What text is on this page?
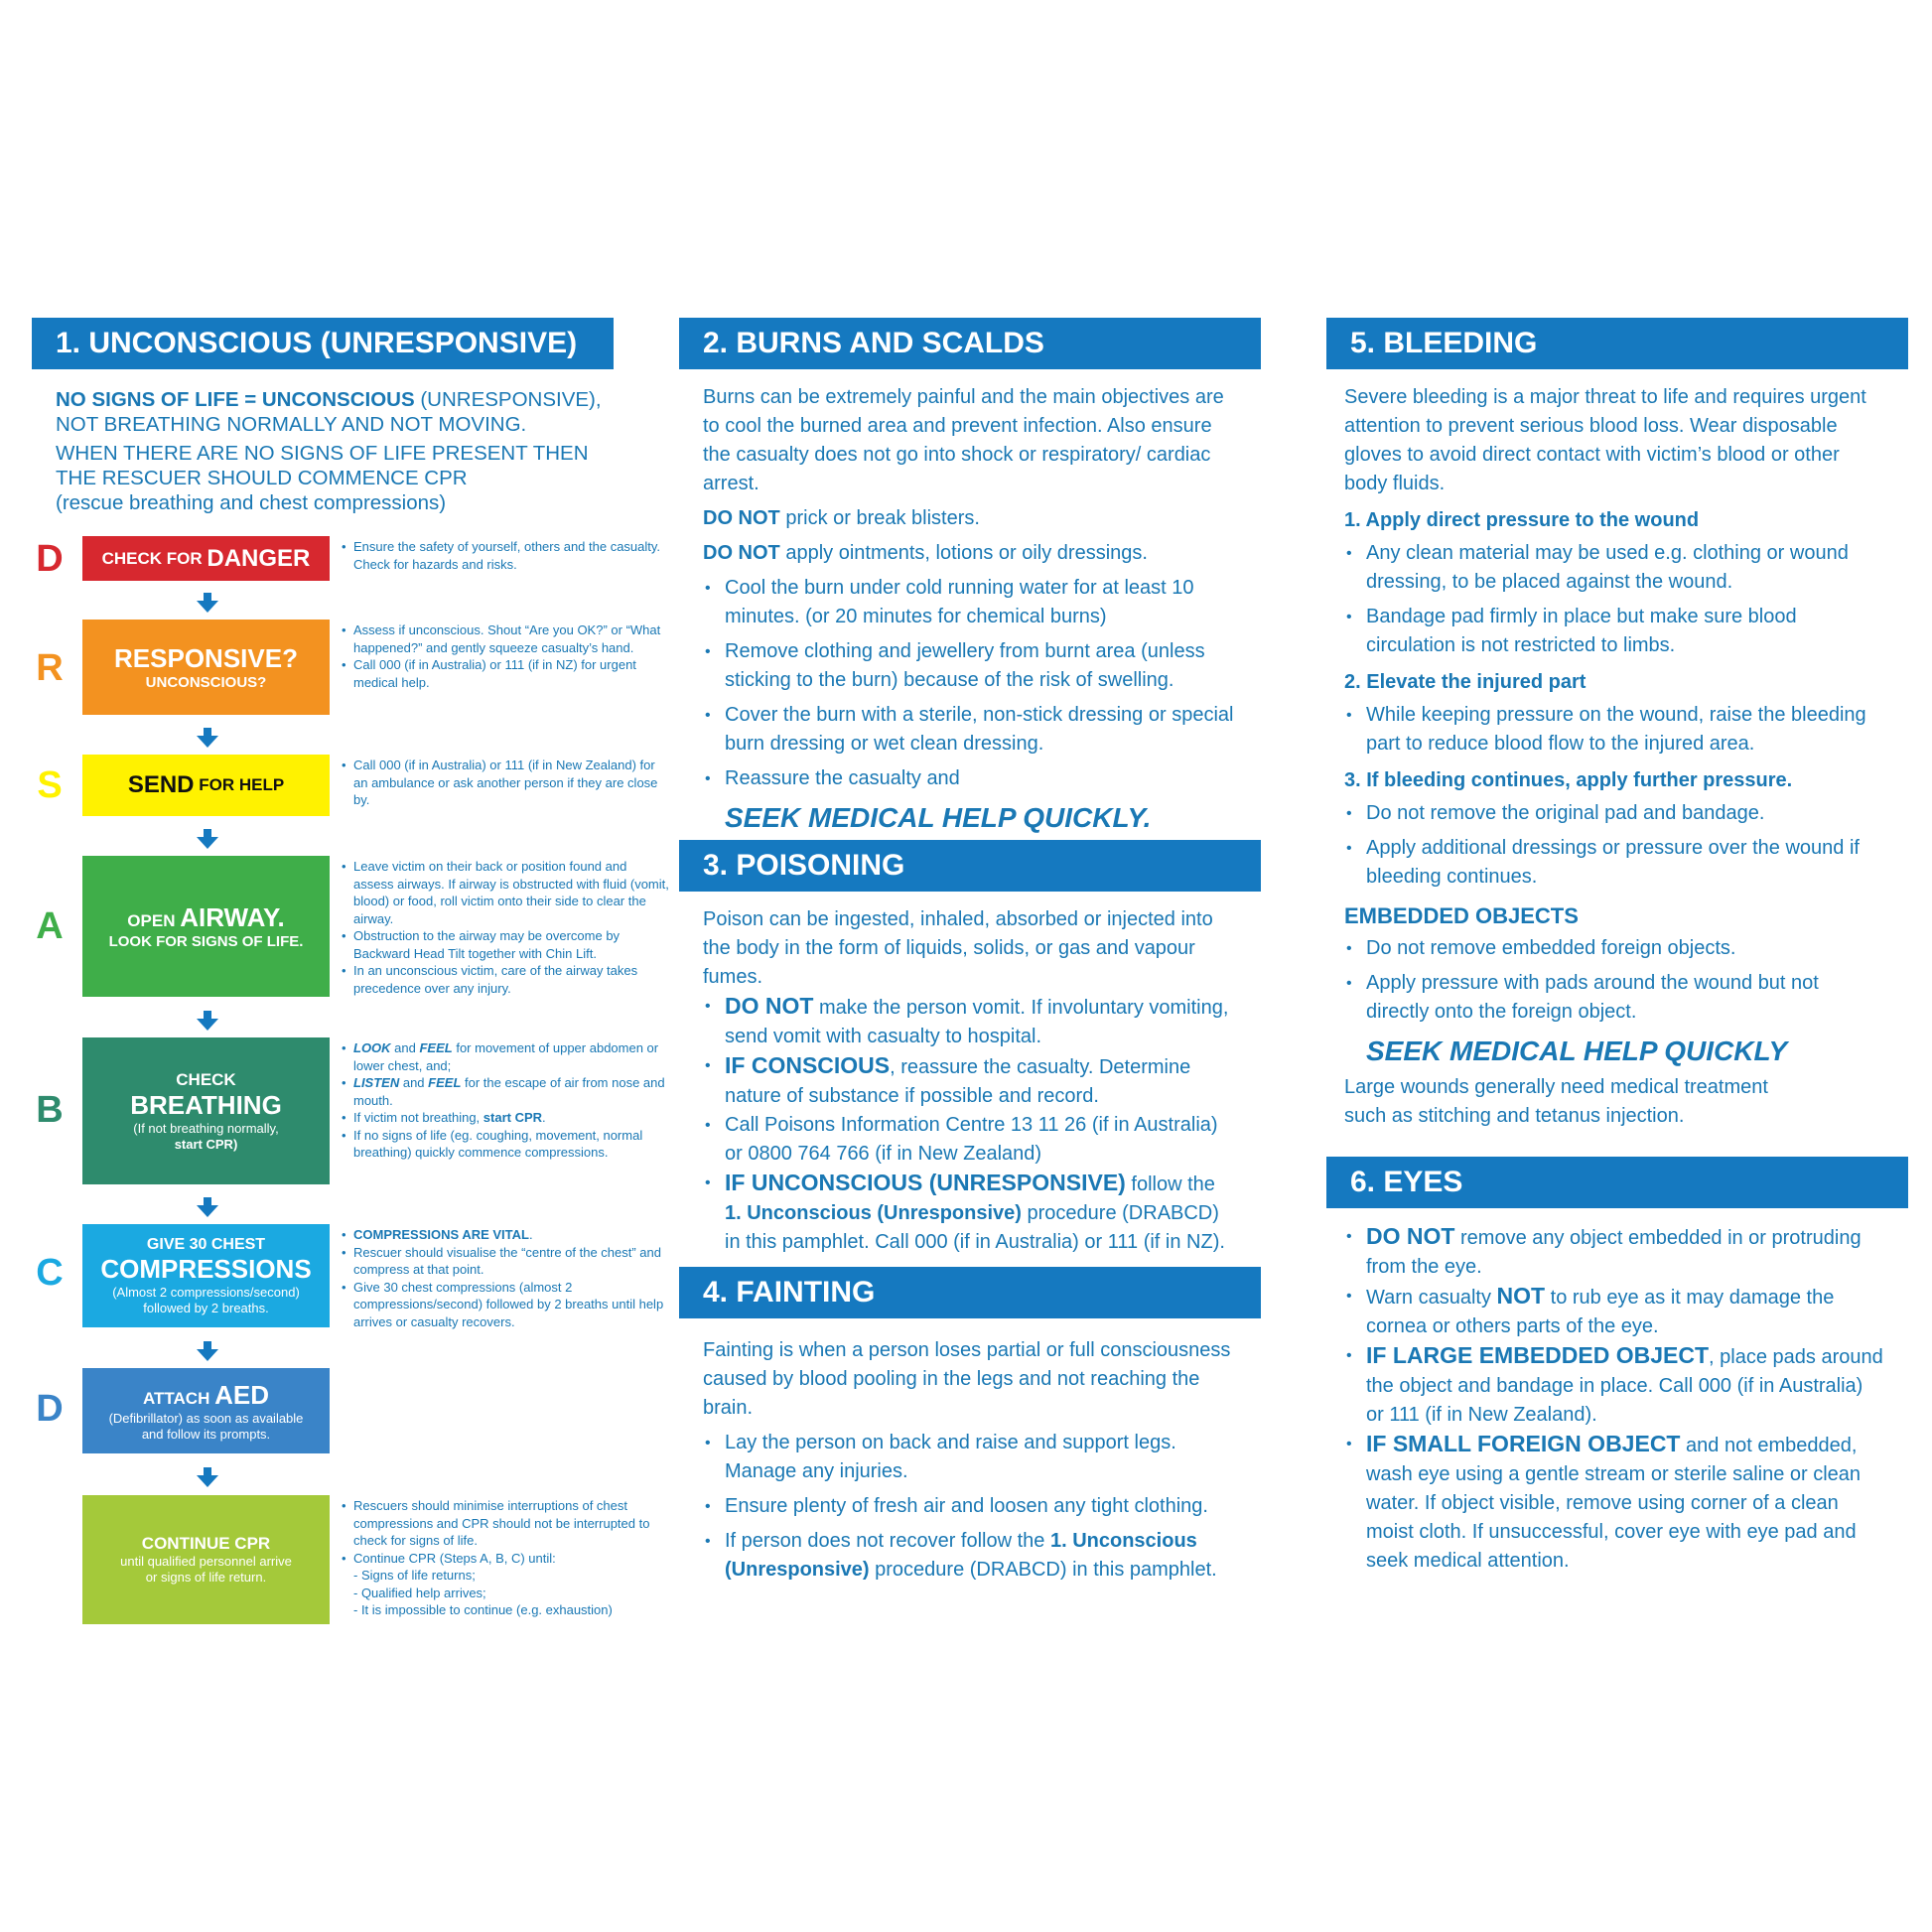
1. UNCONSCIOUS (UNRESPONSIVE)

NO SIGNS OF LIFE = UNCONSCIOUS (UNRESPONSIVE),
NOT BREATHING NORMALLY AND NOT MOVING.

WHEN THERE ARE NO SIGNS OF LIFE PRESENT THEN
THE RESCUER SHOULD COMMENCE CPR
(rescue breathing and chest compressions)

D CHECK FOR DANGER
•	Ensure the safety of yourself, others and the casualty. Check for hazards and risks.
R RESPONSIVE?
UNCONSCIOUS?
• Assess if unconscious. Shout “Are you OK?” or “What happened?” and gently squeeze casualty’s hand.
• Call 000 (if in Australia) or 111 (if in NZ) for urgent medical help.
S	SEND FOR HELP
• Call 000 (if in Australia) or 111 (if in New Zealand) for an ambulance or ask another person if they are close by.
A	OPEN AIRWAY.
LOOK FOR SIGNS OF LIFE.
• Leave victim on their back or position found and assess airways. If airway is obstructed with fluid (vomit, blood) or food, roll victim onto their side to clear the airway.
• Obstruction to the airway may be overcome by Backward Head Tilt together with Chin Lift.
• In an unconscious victim, care of the airway takes precedence over any injury.
B
CHECK
BREATHING
(If not breathing normally,
start CPR)
• LOOK and FEEL for movement of upper abdomen or lower chest, and;
• LISTEN and FEEL for the escape of air from nose and mouth.
• If victim not breathing, start CPR.
• If no signs of life (eg. coughing, movement, normal breathing) quickly commence compressions.
C
GIVE 30 CHEST
COMPRESSIONS
(Almost 2 compressions/second)
followed by 2 breaths.
• COMPRESSIONS ARE VITAL.
• Rescuer should visualise the “centre of the chest” and compress at that point.
• Give 30 chest compressions (almost 2 compressions/second) followed by 2 breaths until help arrives or casualty recovers.
D	ATTACH AED
(Defibrillator) as soon as available
and follow its prompts.
CONTINUE CPR
until qualified personnel arrive
or signs of life return.
• Rescuers should minimise interruptions of chest compressions and CPR should not be interrupted to check for signs of life.
• Continue CPR (Steps A, B, C) until:
- Signs of life returns;
- Qualified help arrives;
- It is impossible to continue (e.g. exhaustion)
2. BURNS AND SCALDS

Burns can be extremely painful and the main objectives are to cool the burned area and prevent infection. Also ensure the casualty does not go into shock or respiratory/ cardiac arrest.

DO NOT prick or break blisters.

DO NOT apply ointments, lotions or oily dressings.

• Cool the burn under cold running water for at least 10 minutes. (or 20 minutes for chemical burns)
• Remove clothing and jewellery from burnt area (unless sticking to the burn) because of the risk of swelling.
• Cover the burn with a sterile, non-stick dressing or special burn dressing or wet clean dressing.
• Reassure the casualty and
SEEK MEDICAL HELP QUICKLY.
3. POISONING

Poison can be ingested, inhaled, absorbed or injected into the body in the form of liquids, solids, or gas and vapour fumes.

• DO NOT make the person vomit. If involuntary vomiting, send vomit with casualty to hospital.
• IF CONSCIOUS, reassure the casualty. Determine nature of substance if possible and record.
• Call Poisons Information Centre 13 11 26 (if in Australia) or 0800 764 766 (if in New Zealand)
• IF UNCONSCIOUS (UNRESPONSIVE) follow the
1. Unconscious (Unresponsive) procedure (DRABCD) in this pamphlet. Call 000 (if in Australia) or 111 (if in NZ).
4. FAINTING

Fainting is when a person loses partial or full consciousness caused by blood pooling in the legs and not reaching the brain.

• Lay the person on back and raise and support legs. Manage any injuries.
• Ensure plenty of fresh air and loosen any tight clothing.
• If person does not recover follow the 1. Unconscious (Unresponsive) procedure (DRABCD) in this pamphlet.
5. BLEEDING

Severe bleeding is a major threat to life and requires urgent attention to prevent serious blood loss. Wear disposable gloves to avoid direct contact with victim’s blood or other body fluids.

1. Apply direct pressure to the wound
• Any clean material may be used e.g. clothing or wound dressing, to be placed against the wound.
• Bandage pad firmly in place but make sure blood circulation is not restricted to limbs.
2. Elevate the injured part
• While keeping pressure on the wound, raise the bleeding part to reduce blood flow to the injured area.
3. If bleeding continues, apply further pressure.
• Do not remove the original pad and bandage.
• Apply additional dressings or pressure over the wound if bleeding continues.
EMBEDDED OBJECTS
• Do not remove embedded foreign objects.
• Apply pressure with pads around the wound but not directly onto the foreign object.
SEEK MEDICAL HELP QUICKLY

Large wounds generally need medical treatment such as stitching and tetanus injection.

6. EYES
• DO NOT remove any object embedded in or protruding from the eye.
• Warn casualty NOT to rub eye as it may damage the cornea or others parts of the eye.
• IF LARGE EMBEDDED OBJECT, place pads around the object and bandage in place. Call 000 (if in Australia) or 111 (if in New Zealand).
• IF SMALL FOREIGN OBJECT and not embedded, wash eye using a gentle stream or sterile saline or clean water. If object visible, remove using corner of a clean moist cloth. If unsuccessful, cover eye with eye pad and seek medical attention.
